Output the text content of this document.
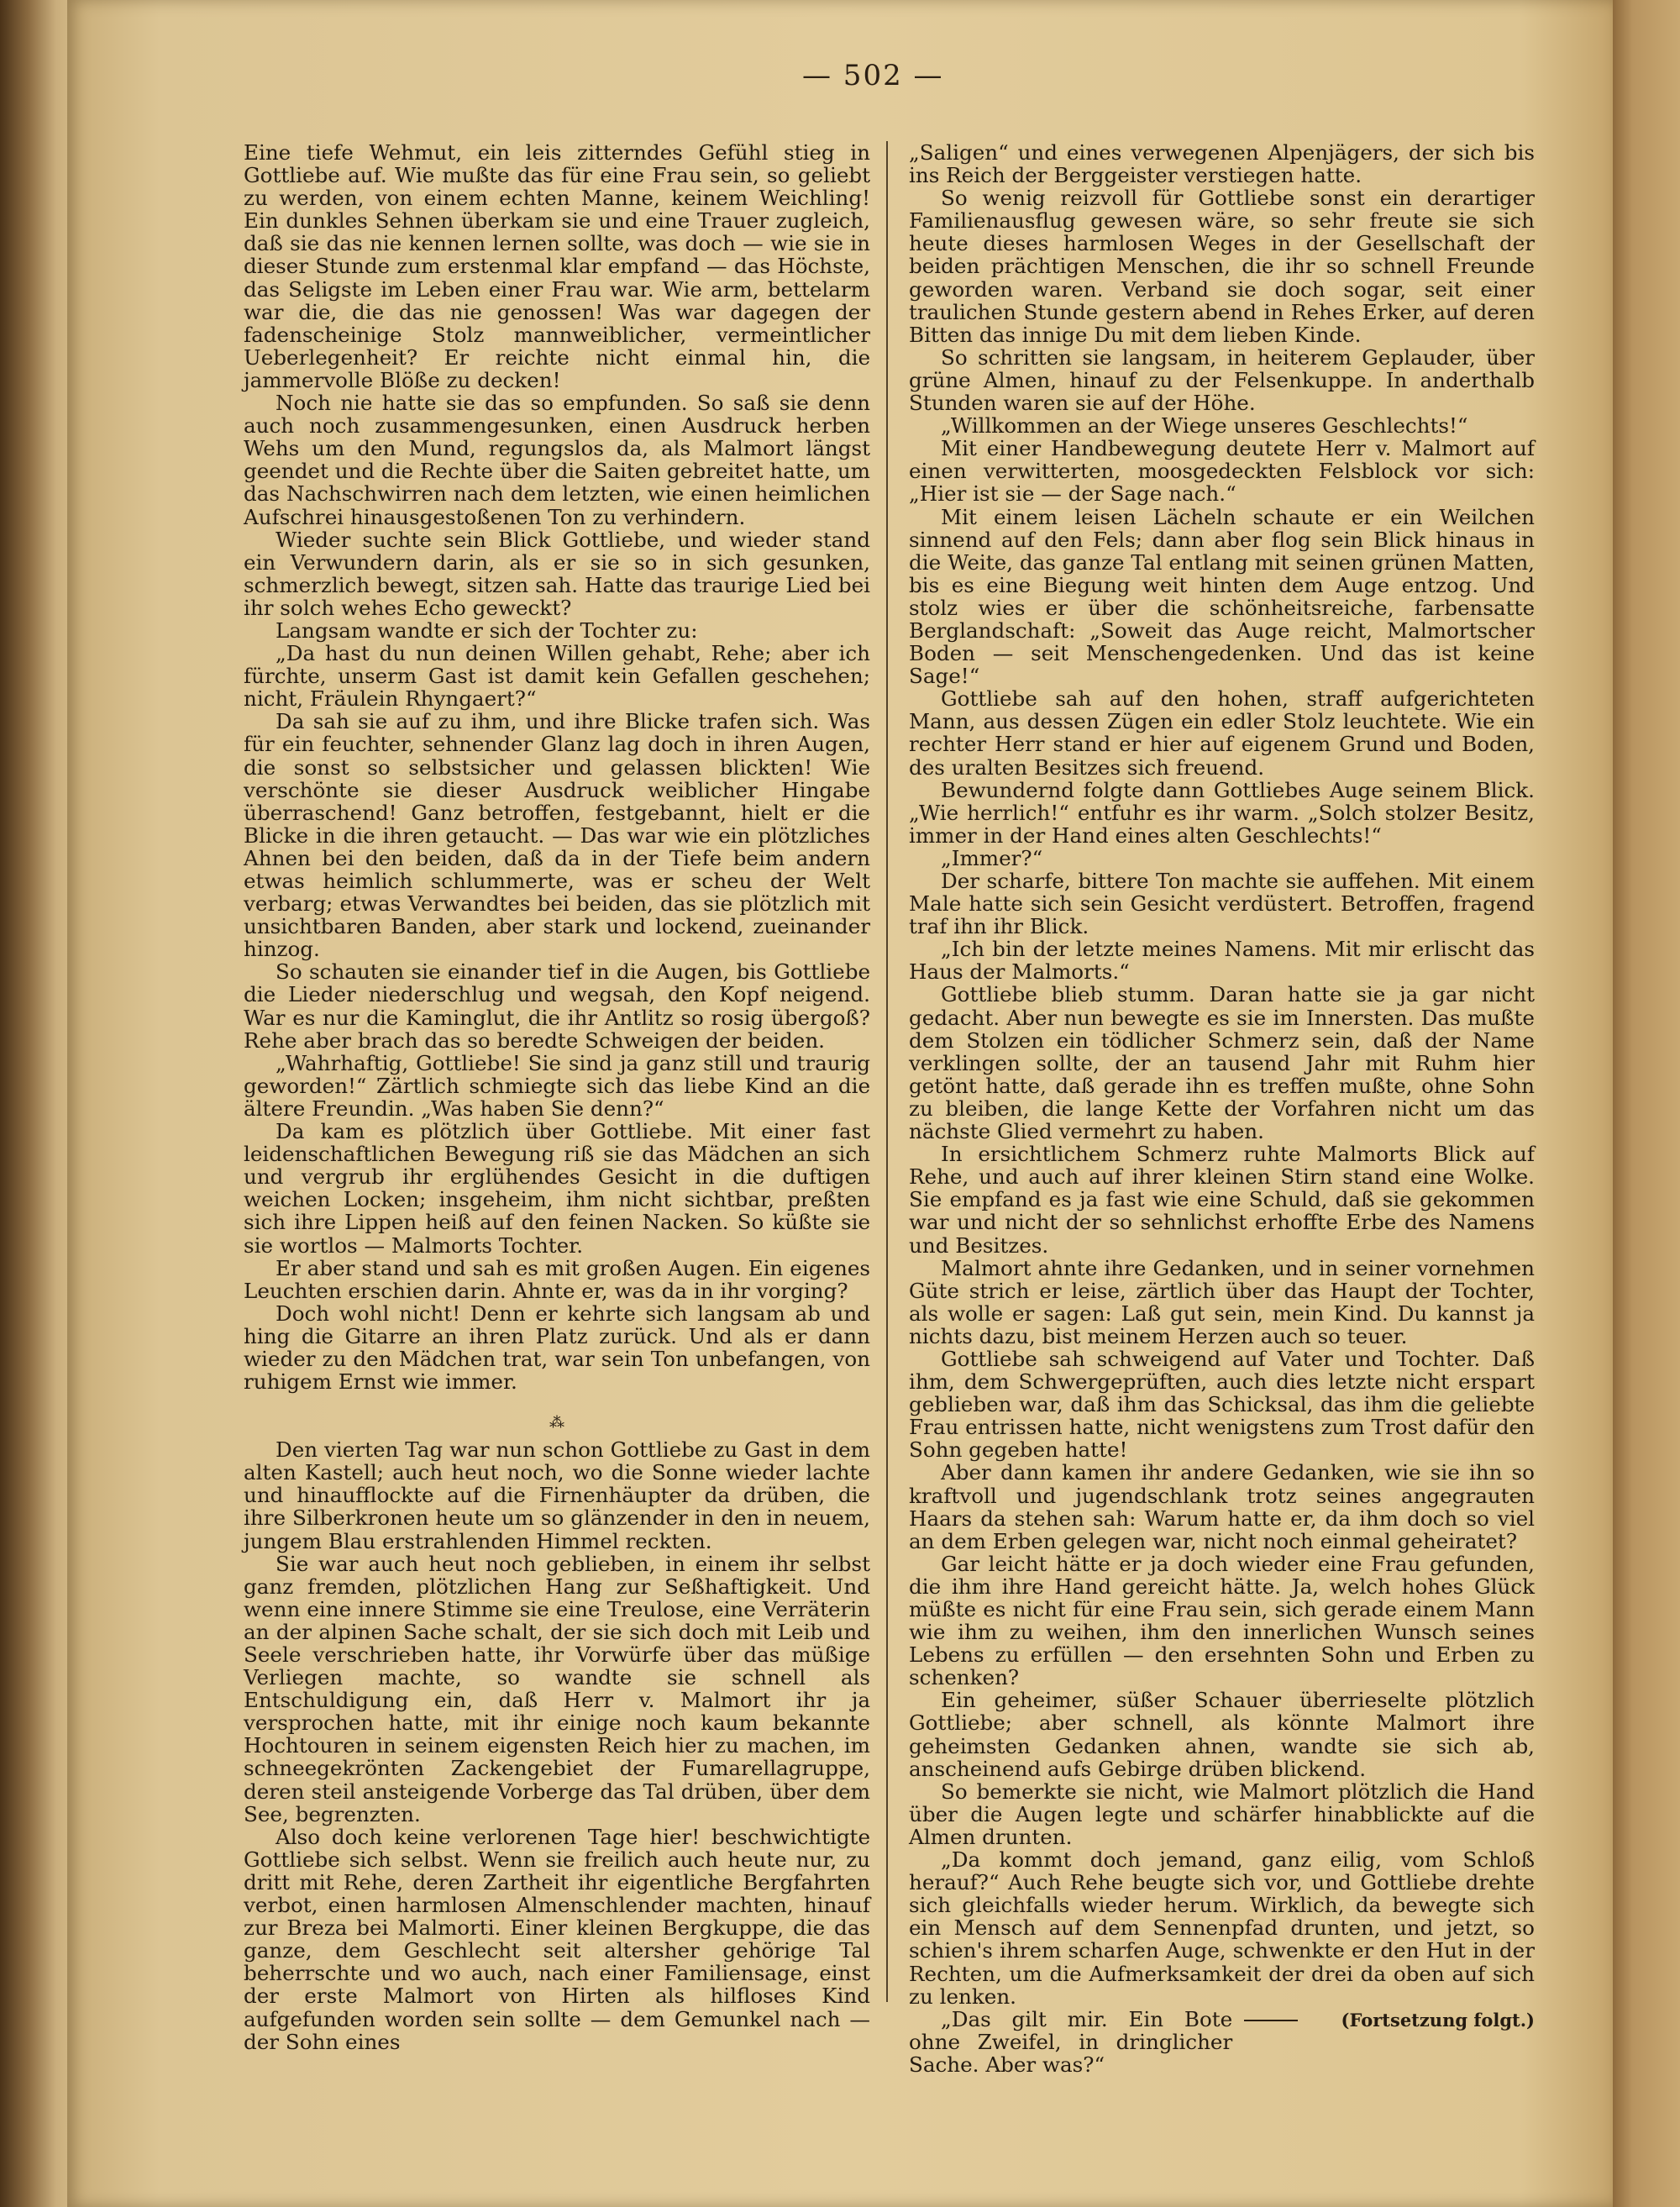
— 502 —

Eine tiefe Wehmut, ein leis zitterndes Gefühl stieg in Gottliebe auf. Wie mußte das für eine Frau sein, so geliebt zu werden, von einem echten Manne, keinem Weichling! Ein dunkles Sehnen überkam sie und eine Trauer zugleich, daß sie das nie kennen lernen sollte, was doch — wie sie in dieser Stunde zum erstenmal klar empfand — das Höchste, das Seligste im Leben einer Frau war. Wie arm, bettelarm war die, die das nie genossen! Was war dagegen der fadenscheinige Stolz mannweiblicher, vermeintlicher Ueberlegenheit? Er reichte nicht einmal hin, die jammervolle Blöße zu decken!

Noch nie hatte sie das so empfunden. So saß sie denn auch noch zusammengesunken, einen Ausdruck herben Wehs um den Mund, regungslos da, als Malmort längst geendet und die Rechte über die Saiten gebreitet hatte, um das Nachschwirren nach dem letzten, wie einen heimlichen Aufschrei hinausgestoßenen Ton zu verhindern.

Wieder suchte sein Blick Gottliebe, und wieder stand ein Verwundern darin, als er sie so in sich gesunken, schmerzlich bewegt, sitzen sah. Hatte das traurige Lied bei ihr solch wehes Echo geweckt?

Langsam wandte er sich der Tochter zu:

„Da hast du nun deinen Willen gehabt, Rehe; aber ich fürchte, unserm Gast ist damit kein Gefallen geschehen; nicht, Fräulein Rhyngaert?“

Da sah sie auf zu ihm, und ihre Blicke trafen sich. Was für ein feuchter, sehnender Glanz lag doch in ihren Augen, die sonst so selbstsicher und gelassen blickten! Wie verschönte sie dieser Ausdruck weiblicher Hingabe überraschend! Ganz betroffen, festgebannt, hielt er die Blicke in die ihren getaucht. — Das war wie ein plötzliches Ahnen bei den beiden, daß da in der Tiefe beim andern etwas heimlich schlummerte, was er scheu der Welt verbarg; etwas Verwandtes bei beiden, das sie plötzlich mit unsichtbaren Banden, aber stark und lockend, zueinander hinzog.

So schauten sie einander tief in die Augen, bis Gottliebe die Lieder niederschlug und wegsah, den Kopf neigend. War es nur die Kaminglut, die ihr Antlitz so rosig übergoß? Rehe aber brach das so beredte Schweigen der beiden.

„Wahrhaftig, Gottliebe! Sie sind ja ganz still und traurig geworden!“ Zärtlich schmiegte sich das liebe Kind an die ältere Freundin. „Was haben Sie denn?“

Da kam es plötzlich über Gottliebe. Mit einer fast leidenschaftlichen Bewegung riß sie das Mädchen an sich und vergrub ihr erglühendes Gesicht in die duftigen weichen Locken; insgeheim, ihm nicht sichtbar, preßten sich ihre Lippen heiß auf den feinen Nacken. So küßte sie sie wortlos — Malmorts Tochter.

Er aber stand und sah es mit großen Augen. Ein eigenes Leuchten erschien darin. Ahnte er, was da in ihr vorging?

Doch wohl nicht! Denn er kehrte sich langsam ab und hing die Gitarre an ihren Platz zurück. Und als er dann wieder zu den Mädchen trat, war sein Ton unbefangen, von ruhigem Ernst wie immer.

⁂

Den vierten Tag war nun schon Gottliebe zu Gast in dem alten Kastell; auch heut noch, wo die Sonne wieder lachte und hinaufflockte auf die Firnenhäupter da drüben, die ihre Silberkronen heute um so glänzender in den in neuem, jungem Blau erstrahlenden Himmel reckten.

Sie war auch heut noch geblieben, in einem ihr selbst ganz fremden, plötzlichen Hang zur Seßhaftigkeit. Und wenn eine innere Stimme sie eine Treulose, eine Verräterin an der alpinen Sache schalt, der sie sich doch mit Leib und Seele verschrieben hatte, ihr Vorwürfe über das müßige Verliegen machte, so wandte sie schnell als Entschuldigung ein, daß Herr v. Malmort ihr ja versprochen hatte, mit ihr einige noch kaum bekannte Hochtouren in seinem eigensten Reich hier zu machen, im schneegekrönten Zackengebiet der Fumarellagruppe, deren steil ansteigende Vorberge das Tal drüben, über dem See, begrenzten.

Also doch keine verlorenen Tage hier! beschwichtigte Gottliebe sich selbst. Wenn sie freilich auch heute nur, zu dritt mit Rehe, deren Zartheit ihr eigentliche Bergfahrten verbot, einen harmlosen Almenschlender machten, hinauf zur Breza bei Malmorti. Einer kleinen Bergkuppe, die das ganze, dem Geschlecht seit altersher gehörige Tal beherrschte und wo auch, nach einer Familiensage, einst der erste Malmort von Hirten als hilfloses Kind aufgefunden worden sein sollte — dem Gemunkel nach — der Sohn eines

„Saligen“ und eines verwegenen Alpenjägers, der sich bis ins Reich der Berggeister verstiegen hatte.

So wenig reizvoll für Gottliebe sonst ein derartiger Familienausflug gewesen wäre, so sehr freute sie sich heute dieses harmlosen Weges in der Gesellschaft der beiden prächtigen Menschen, die ihr so schnell Freunde geworden waren. Verband sie doch sogar, seit einer traulichen Stunde gestern abend in Rehes Erker, auf deren Bitten das innige Du mit dem lieben Kinde.

So schritten sie langsam, in heiterem Geplauder, über grüne Almen, hinauf zu der Felsenkuppe. In anderthalb Stunden waren sie auf der Höhe.

„Willkommen an der Wiege unseres Geschlechts!“

Mit einer Handbewegung deutete Herr v. Malmort auf einen verwitterten, moosgedeckten Felsblock vor sich: „Hier ist sie — der Sage nach.“

Mit einem leisen Lächeln schaute er ein Weilchen sinnend auf den Fels; dann aber flog sein Blick hinaus in die Weite, das ganze Tal entlang mit seinen grünen Matten, bis es eine Biegung weit hinten dem Auge entzog. Und stolz wies er über die schönheitsreiche, farbensatte Berglandschaft: „Soweit das Auge reicht, Malmortscher Boden — seit Menschengedenken. Und das ist keine Sage!“

Gottliebe sah auf den hohen, straff aufgerichteten Mann, aus dessen Zügen ein edler Stolz leuchtete. Wie ein rechter Herr stand er hier auf eigenem Grund und Boden, des uralten Besitzes sich freuend.

Bewundernd folgte dann Gottliebes Auge seinem Blick. „Wie herrlich!“ entfuhr es ihr warm. „Solch stolzer Besitz, immer in der Hand eines alten Geschlechts!“

„Immer?“

Der scharfe, bittere Ton machte sie auffehen. Mit einem Male hatte sich sein Gesicht verdüstert. Betroffen, fragend traf ihn ihr Blick.

„Ich bin der letzte meines Namens. Mit mir erlischt das Haus der Malmorts.“

Gottliebe blieb stumm. Daran hatte sie ja gar nicht gedacht. Aber nun bewegte es sie im Innersten. Das mußte dem Stolzen ein tödlicher Schmerz sein, daß der Name verklingen sollte, der an tausend Jahr mit Ruhm hier getönt hatte, daß gerade ihn es treffen mußte, ohne Sohn zu bleiben, die lange Kette der Vorfahren nicht um das nächste Glied vermehrt zu haben.

In ersichtlichem Schmerz ruhte Malmorts Blick auf Rehe, und auch auf ihrer kleinen Stirn stand eine Wolke. Sie empfand es ja fast wie eine Schuld, daß sie gekommen war und nicht der so sehnlichst erhoffte Erbe des Namens und Besitzes.

Malmort ahnte ihre Gedanken, und in seiner vornehmen Güte strich er leise, zärtlich über das Haupt der Tochter, als wolle er sagen: Laß gut sein, mein Kind. Du kannst ja nichts dazu, bist meinem Herzen auch so teuer.

Gottliebe sah schweigend auf Vater und Tochter. Daß ihm, dem Schwergeprüften, auch dies letzte nicht erspart geblieben war, daß ihm das Schicksal, das ihm die geliebte Frau entrissen hatte, nicht wenigstens zum Trost dafür den Sohn gegeben hatte!

Aber dann kamen ihr andere Gedanken, wie sie ihn so kraftvoll und jugendschlank trotz seines angegrauten Haars da stehen sah: Warum hatte er, da ihm doch so viel an dem Erben gelegen war, nicht noch einmal geheiratet?

Gar leicht hätte er ja doch wieder eine Frau gefunden, die ihm ihre Hand gereicht hätte. Ja, welch hohes Glück müßte es nicht für eine Frau sein, sich gerade einem Mann wie ihm zu weihen, ihm den innerlichen Wunsch seines Lebens zu erfüllen — den ersehnten Sohn und Erben zu schenken?

Ein geheimer, süßer Schauer überrieselte plötzlich Gottliebe; aber schnell, als könnte Malmort ihre geheimsten Gedanken ahnen, wandte sie sich ab, anscheinend aufs Gebirge drüben blickend.

So bemerkte sie nicht, wie Malmort plötzlich die Hand über die Augen legte und schärfer hinabblickte auf die Almen drunten.

„Da kommt doch jemand, ganz eilig, vom Schloß herauf?“ Auch Rehe beugte sich vor, und Gottliebe drehte sich gleichfalls wieder herum. Wirklich, da bewegte sich ein Mensch auf dem Sennenpfad drunten, und jetzt, so schien's ihrem scharfen Auge, schwenkte er den Hut in der Rechten, um die Aufmerksamkeit der drei da oben auf sich zu lenken.

„Das gilt mir. Ein Bote ohne Zweifel, in dringlicher Sache. Aber was?“
(Fortsetzung folgt.)
